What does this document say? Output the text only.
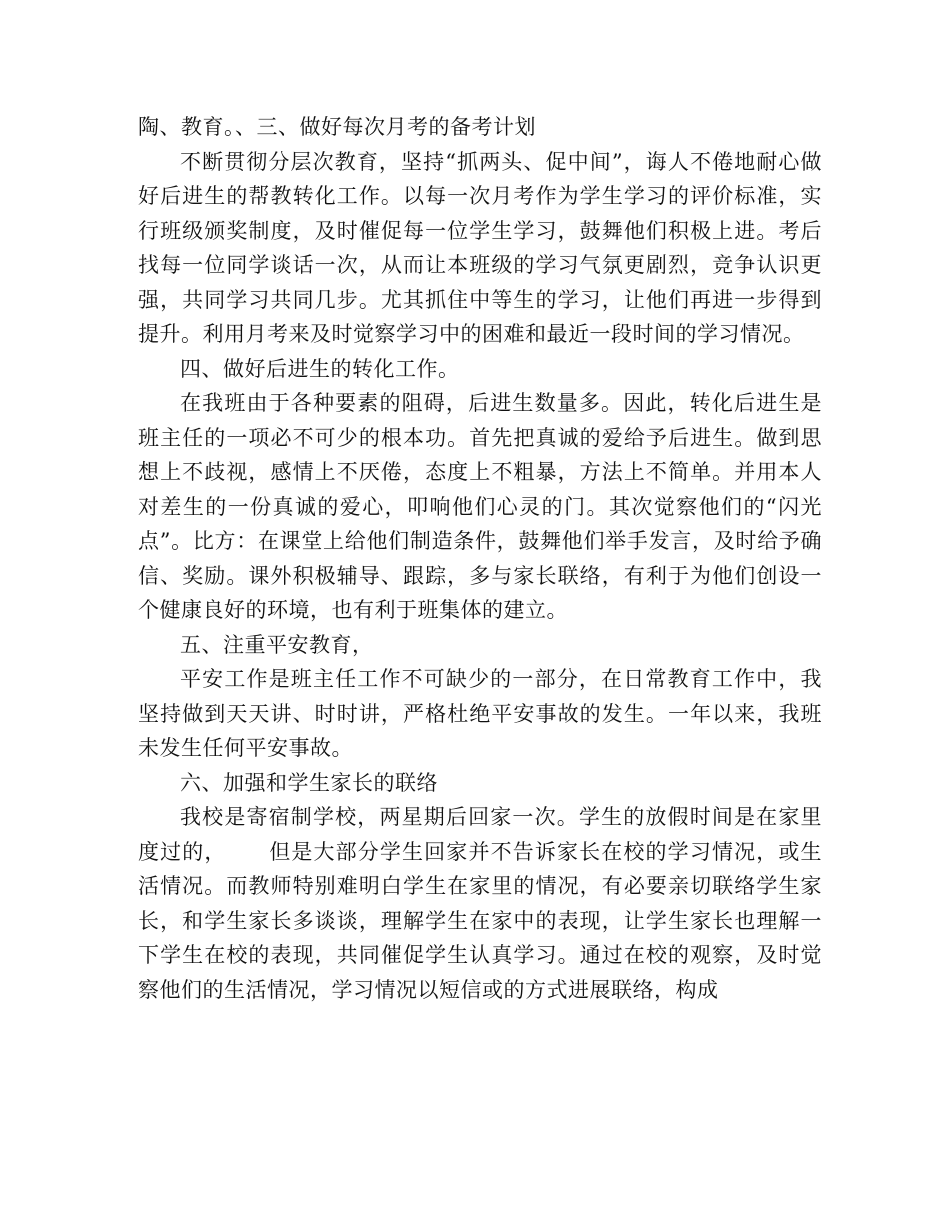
陶、教育。、三、做好每次月考的备考计划

不断贯彻分层次教育，坚持“抓两头、促中间”，诲人不倦地耐心做好后进生的帮教转化工作。以每一次月考作为学生学习的评价标准，实行班级颁奖制度，及时催促每一位学生学习，鼓舞他们积极上进。考后找每一位同学谈话一次，从而让本班级的学习气氛更剧烈，竞争认识更强，共同学习共同几步。尤其抓住中等生的学习，让他们再进一步得到提升。利用月考来及时觉察学习中的困难和最近一段时间的学习情况。

四、做好后进生的转化工作。

在我班由于各种要素的阻碍，后进生数量多。因此，转化后进生是班主任的一项必不可少的根本功。首先把真诚的爱给予后进生。做到思想上不歧视，感情上不厌倦，态度上不粗暴，方法上不简单。并用本人对差生的一份真诚的爱心，叩响他们心灵的门。其次觉察他们的“闪光点”。比方：在课堂上给他们制造条件，鼓舞他们举手发言，及时给予确信、奖励。课外积极辅导、跟踪，多与家长联络，有利于为他们创设一个健康良好的环境，也有利于班集体的建立。

五、注重平安教育，

平安工作是班主任工作不可缺少的一部分，在日常教育工作中，我坚持做到天天讲、时时讲，严格杜绝平安事故的发生。一年以来，我班未发生任何平安事故。

六、加强和学生家长的联络

我校是寄宿制学校，两星期后回家一次。学生的放假时间是在家里度过的， 但是大部分学生回家并不告诉家长在校的学习情况，或生活情况。而教师特别难明白学生在家里的情况，有必要亲切联络学生家长，和学生家长多谈谈，理解学生在家中的表现，让学生家长也理解一下学生在校的表现，共同催促学生认真学习。通过在校的观察，及时觉察他们的生活情况，学习情况以短信或的方式进展联络，构成
